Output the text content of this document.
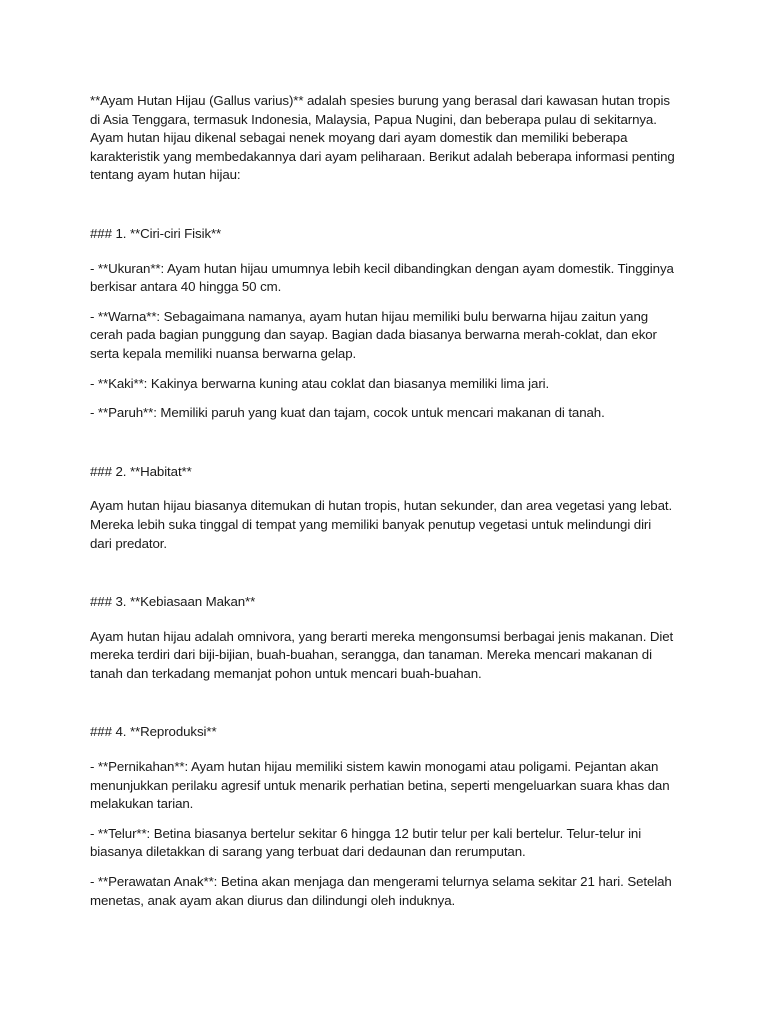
**Ayam Hutan Hijau (Gallus varius)** adalah spesies burung yang berasal dari kawasan hutan tropis di Asia Tenggara, termasuk Indonesia, Malaysia, Papua Nugini, dan beberapa pulau di sekitarnya. Ayam hutan hijau dikenal sebagai nenek moyang dari ayam domestik dan memiliki beberapa karakteristik yang membedakannya dari ayam peliharaan. Berikut adalah beberapa informasi penting tentang ayam hutan hijau:

### 1. **Ciri-ciri Fisik**

- **Ukuran**: Ayam hutan hijau umumnya lebih kecil dibandingkan dengan ayam domestik. Tingginya berkisar antara 40 hingga 50 cm.

- **Warna**: Sebagaimana namanya, ayam hutan hijau memiliki bulu berwarna hijau zaitun yang cerah pada bagian punggung dan sayap. Bagian dada biasanya berwarna merah-coklat, dan ekor serta kepala memiliki nuansa berwarna gelap.

- **Kaki**: Kakinya berwarna kuning atau coklat dan biasanya memiliki lima jari.

- **Paruh**: Memiliki paruh yang kuat dan tajam, cocok untuk mencari makanan di tanah.

### 2. **Habitat**

Ayam hutan hijau biasanya ditemukan di hutan tropis, hutan sekunder, dan area vegetasi yang lebat. Mereka lebih suka tinggal di tempat yang memiliki banyak penutup vegetasi untuk melindungi diri dari predator.

### 3. **Kebiasaan Makan**

Ayam hutan hijau adalah omnivora, yang berarti mereka mengonsumsi berbagai jenis makanan. Diet mereka terdiri dari biji-bijian, buah-buahan, serangga, dan tanaman. Mereka mencari makanan di tanah dan terkadang memanjat pohon untuk mencari buah-buahan.

### 4. **Reproduksi**

- **Pernikahan**: Ayam hutan hijau memiliki sistem kawin monogami atau poligami. Pejantan akan menunjukkan perilaku agresif untuk menarik perhatian betina, seperti mengeluarkan suara khas dan melakukan tarian.

- **Telur**: Betina biasanya bertelur sekitar 6 hingga 12 butir telur per kali bertelur. Telur-telur ini biasanya diletakkan di sarang yang terbuat dari dedaunan dan rerumputan.

- **Perawatan Anak**: Betina akan menjaga dan mengerami telurnya selama sekitar 21 hari. Setelah menetas, anak ayam akan diurus dan dilindungi oleh induknya.
